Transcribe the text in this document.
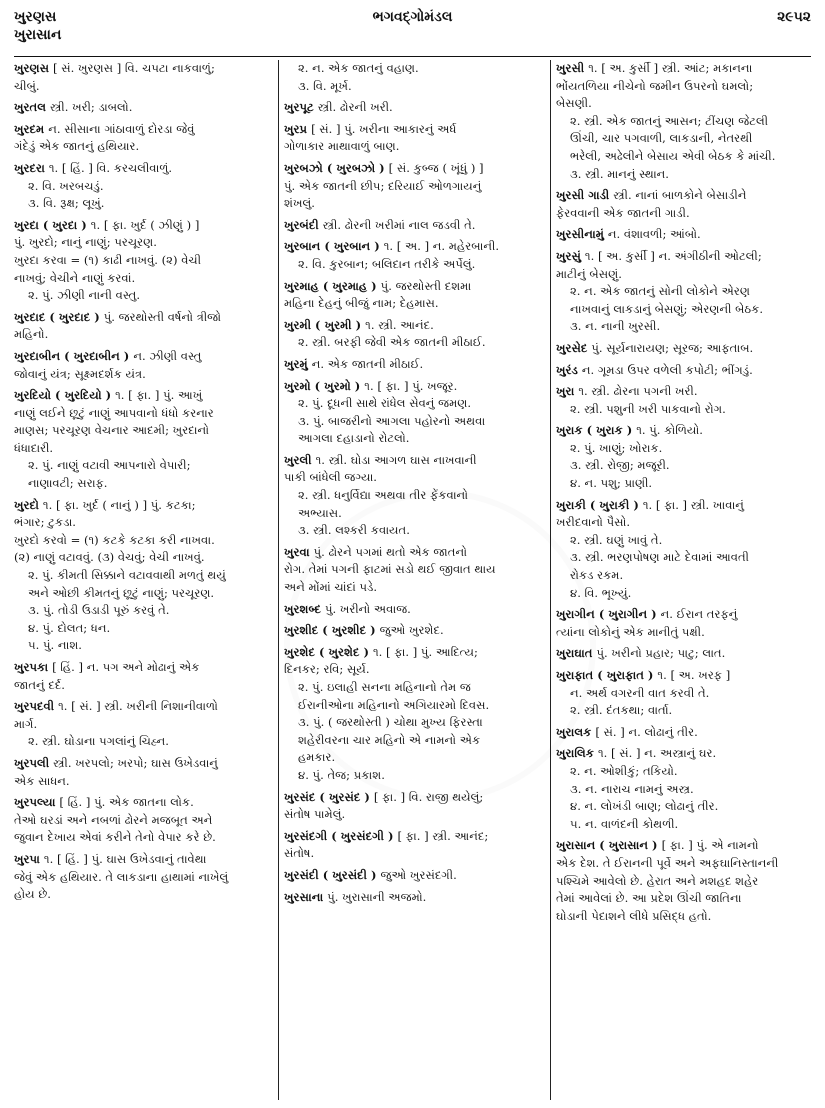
ખુરણસ
ખુરાસાન
ભગવદ્ગોમંડલ	૨૯૫૨
ખુરણસ [ સં. ખુરણસ ] વિ. ચપટા નાકવાળું;
ચીબું.
ખુરતલ સ્ત્રી. ખરી; ડાબલો.
ખુરદમ ન. સીસાના ગાંઠાવાળું દોરડા જેવું
ગંદેડું એક જાતનું હથિયાર.
ખુરદરા ૧. [ હિં. ] વિ. કરચલીવાળું.
૨. વિ. ખરબચડું.
૩. વિ. રૂક્ષ; લૂખું.
ખુરદા ( ખુરદા ) ૧. [ ફા. ખુર્દ ( ઝીણું ) ]
પું. ખુરદો; નાનું નાણું; પરચૂરણ.
ખુરદા કરવા = (૧) કાઢી નાખવું. (૨) વેચી
નાખવું; વેચીને નાણું કરવાં.
૨. પું. ઝીણી નાની વસ્તુ.
ખુરદાદ ( ખુરદાદ ) પું. જરથોસ્તી વર્ષનો ત્રીજો
મહિનો.
ખુરદાબીન ( ખુરદાબીન ) ન. ઝીણી વસ્તુ
જોવાનું યંત્ર; સૂક્ષ્મદર્શક યંત્ર.
ખુરદિયો ( ખુરદિયો ) ૧. [ ફા. ] પું. આખું
નાણું લઈને છૂટું નાણું આપવાનો ધંધો કરનાર
માણસ; પરચૂરણ વેચનાર આદમી; ખુરદાનો
ધંધાદારી.
૨. પું. નાણું વટાવી આપનારો વેપારી;
નાણાવટી; સરાફ.
ખુરદો ૧. [ ફા. ખુર્દ ( નાનું ) ] પું. કટકા;
ભંગાર; ટુકડા.
ખુરદો કરવો = (૧) કટકે કટકા કરી નાખવા.
(૨) નાણું વટાવવું. (૩) વેચવું; વેચી નાખવું.
૨. પું. કીમતી સિક્કાને વટાવવાથી મળતું થયું
અને ઓછી કીમતનું છૂટું નાણું; પરચૂરણ.
૩. પું. તોડી ઉડાડી પૂરું કરવું તે.
૪. પું. દોલત; ધન.
૫. પું. નાશ.
ખુરપકા [ હિં. ] ન. પગ અને મોઢાનું એક
જાતનું દર્દ.
ખુરપદવી ૧. [ સં. ] સ્ત્રી. ખરીની નિશાનીવાળો
માર્ગ.
૨. સ્ત્રી. ઘોડાના પગલાંનું ચિહ્ન.
ખુરપલી સ્ત્રી. ખરપલો; ખરપો; ઘાસ ઉખેડવાનું
એક સાધન.
ખુરપલ્યા [ હિં. ] પું. એક જાતના લોક.
તેઓ ઘરડાં અને નબળાં ઢોરને મજબૂત અને
જુવાન દેખાય એવાં કરીને તેનો વેપાર કરે છે.
ખુરપા ૧. [ હિં. ] પું. ઘાસ ઉખેડવાનું તાવેથા
જેવું એક હથિયાર. તે લાકડાના હાથામાં નાખેલું
હોય છે.
૨. ન. એક જાતનું વહાણ.
૩. વિ. મૂર્ખ.
ખુરપૂટ સ્ત્રી. ઢોરની ખરી.
ખુરપ્ર [ સં. ] પું. ખરીના આકારનું અર્ધ
ગોળાકાર માથાવાળું બાણ.
ખુરબઝો ( ખુરબઝો ) [ સં. કુબ્જ ( ખૂંધું ) ]
પું. એક જાતની છીપ; દરિયાઈ ઓળગાયનું
શંખલું.
ખુરબંદી સ્ત્રી. ઢોરની ખરીમાં નાલ જડવી તે.
ખુરબાન ( ખુરબાન ) ૧. [ અ. ] ન. મહેરબાની.
૨. વિ. કુરબાન; બલિદાન તરીકે અર્પેલું.
ખુરમાહ ( ખુરમાહ ) પું. જરથોસ્તી દશમા
મહિના દેહનું બીજું નામ; દેહમાસ.
ખુરમી ( ખુરમી ) ૧. સ્ત્રી. આનંદ.
૨. સ્ત્રી. બરફી જેવી એક જાતની મીઠાઈ.
ખુરમું ન. એક જાતની મીઠાઈ.
ખુરમો ( ખુરમો ) ૧. [ ફા. ] પું. ખજૂર.
૨. પું. દૂધની સાથે રાંધેલ સેવનું જમણ.
૩. પું. બાજરીનો આગલા પહોરનો અથવા
આગલા દહાડાનો રોટલો.
ખુરલી ૧. સ્ત્રી. ઘોડા આગળ ઘાસ નાખવાની
પાકી બાંધેલી જગ્યા.
૨. સ્ત્રી. ધનુર્વિદ્યા અથવા તીર ફેંકવાનો
અભ્યાસ.
૩. સ્ત્રી. લશ્કરી કવાયત.
ખુરવા પું. ઢોરને પગમાં થતો એક જાતનો
રોગ. તેમાં પગની ફાટમાં સડો થઈ જીવાત થાય
અને મોંમાં ચાંદાં પડે.
ખુરશબ્દ પું. ખરીનો અવાજ.
ખુરશીદ ( ખુરશીદ ) જુઓ ખુરશેદ.
ખુરશેદ ( ખુરશેદ ) ૧. [ ફા. ] પું. આદિત્ય;
દિનકર; રવિ; સૂર્ય.
૨. પું. ઇલાહી સનના મહિનાનો તેમ જ
ઈરાનીઓના મહિનાનો અગિયારમો દિવસ.
૩. પું. ( જરથોસ્તી ) ચોથા મુખ્ય ફિરસ્તા
શહેરીવરના ચાર મહિનો એ નામનો એક
હમકાર.
૪. પું. તેજ; પ્રકાશ.
ખુરસંદ ( ખુરસંદ ) [ ફા. ] વિ. રાજી થયેલું;
સંતોષ પામેલું.
ખુરસંદગી ( ખુરસંદગી ) [ ફા. ] સ્ત્રી. આનંદ;
સંતોષ.
ખુરસંદી ( ખુરસંદી ) જુઓ ખુરસંદગી.
ખુરસાના પું. ખુરાસાની અજમો.
ખુરસી ૧. [ અ. કુર્સી ] સ્ત્રી. આંટ; મકાનના
ભોંયતળિયા નીચેનો જમીન ઉપરનો ઘમલો;
બેસણી.
૨. સ્ત્રી. એક જાતનું આસન; ટીંચણ જેટલી
ઊંચી, ચાર પગવાળી, લાકડાની, નેતરથી
ભરેલી, અઢેલીને બેસાય એવી બેઠક કે માંચી.
૩. સ્ત્રી. માનનું સ્થાન.
ખુરસી ગાડી સ્ત્રી. નાનાં બાળકોને બેસાડીને
ફેરવવાની એક જાતની ગાડી.
ખુરસીનામું ન. વંશાવળી; આંબો.
ખુરસું ૧. [ અ. કુર્સી ] ન. અંગીઠીની ઓટલી;
માટીનું બેસણું.
૨. ન. એક જાતનું સોની લોકોને એરણ
નાખવાનું લાકડાનું બેસણું; એરણની બેઠક.
૩. ન. નાની ખુરસી.
ખુરસેદ પું. સૂર્યનારાયણ; સૂરજ; આફતાબ.
ખુરંડ ન. ગૂમડા ઉપર વળેલી કપોટી; ભીંગડું.
ખુરા ૧. સ્ત્રી. ઢોરના પગની ખરી.
૨. સ્ત્રી. પશુની ખરી પાકવાનો રોગ.
ખુરાક ( ખુરાક ) ૧. પું. કોળિયો.
૨. પું. ખાણું; ખોરાક.
૩. સ્ત્રી. રોજી; મજૂરી.
૪. ન. પશુ; પ્રાણી.
ખુરાકી ( ખુરાકી ) ૧. [ ફા. ] સ્ત્રી. ખાવાનું
ખરીદવાનો પૈસો.
૨. સ્ત્રી. ઘણું ખાવું તે.
૩. સ્ત્રી. ભરણપોષણ માટે દેવામાં આવતી
રોકડ રકમ.
૪. વિ. ભૂખ્યું.
ખુરાગીન ( ખુરાગીન ) ન. ઈરાન તરફનું
ત્યાંના લોકોનું એક માનીતું પક્ષી.
ખુરાઘાત પું. ખરીનો પ્રહાર; પાટુ; લાત.
ખુરાફાત ( ખુરાફાત ) ૧. [ અ. ખરફ ]
ન. અર્થ વગરની વાત કરવી તે.
૨. સ્ત્રી. દંતકથા; વાર્તા.
ખુરાલક [ સં. ] ન. લોઢાનું તીર.
ખુરાલિક ૧. [ સં. ] ન. અસ્ત્રાનું ઘર.
૨. ન. ઓશીકું; તકિયો.
૩. ન. નારાચ નામનું અસ્ત્ર.
૪. ન. લોખંડી બાણ; લોઢાનું તીર.
૫. ન. વાળંદની કોથળી.
ખુરાસાન ( ખુરાસાન ) [ ફા. ] પું. એ નામનો
એક દેશ. તે ઈરાનની પૂર્વે અને અફઘાનિસ્તાનની
પશ્ચિમે આવેલો છે. હેરાત અને મશહદ શહેર
તેમાં આવેલાં છે. આ પ્રદેશ ઊંચી જાતિના
ઘોડાની પેદાશને લીધે પ્રસિદ્ધ હતો.
